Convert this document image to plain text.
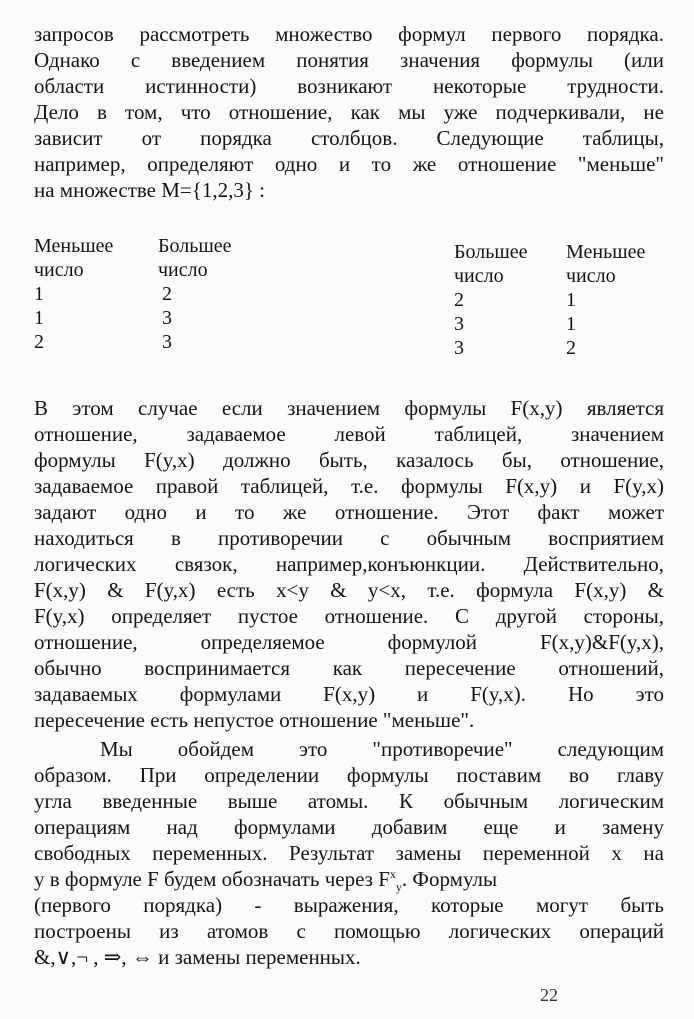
запросов рассмотреть множество формул первого порядка.
Однако с введением понятия значения формулы (или
области истинности) возникают некоторые трудности.
Дело в том, что отношение, как мы уже подчеркивали, не
зависит от порядка столбцов. Следующие таблицы,
например, определяют одно и то же отношение "меньше"
на множестве M={1,2,3} :
Меньшее	Большее
число	число
1	2
1	3
2	3
Большее	Меньшее
число	число
2	1
3	1
3	2
В этом случае если значением формулы F(x,y) является
отношение, задаваемое левой таблицей, значением
формулы F(y,x) должно быть, казалось бы, отношение,
задаваемое правой таблицей, т.е. формулы F(x,y) и F(y,x)
задают одно и то же отношение. Этот факт может
находиться в противоречии с обычным восприятием
логических связок, например,конъюнкции. Действительно,
F(x,y) & F(y,x) есть x<y & y<x, т.е. формула F(x,y) &
F(y,x) определяет пустое отношение. С другой стороны,
отношение, определяемое формулой F(x,y)&F(y,x),
обычно воспринимается как пересечение отношений,
задаваемых формулами F(x,y) и F(y,x). Но это
пересечение есть непустое отношение "меньше".
Мы обойдем это "противоречие" следующим
образом. При определении формулы поставим во главу
угла введенные выше атомы. К обычным логическим
операциям над формулами добавим еще и замену
свободных переменных. Результат замены переменной x на
y в формуле F будем обозначать через $F^x_y$. Формулы
(первого порядка) - выражения, которые могут быть
построены из атомов с помощью логических операций
&,∨,¬ , ⇒, ⇔ и замены переменных.
22
